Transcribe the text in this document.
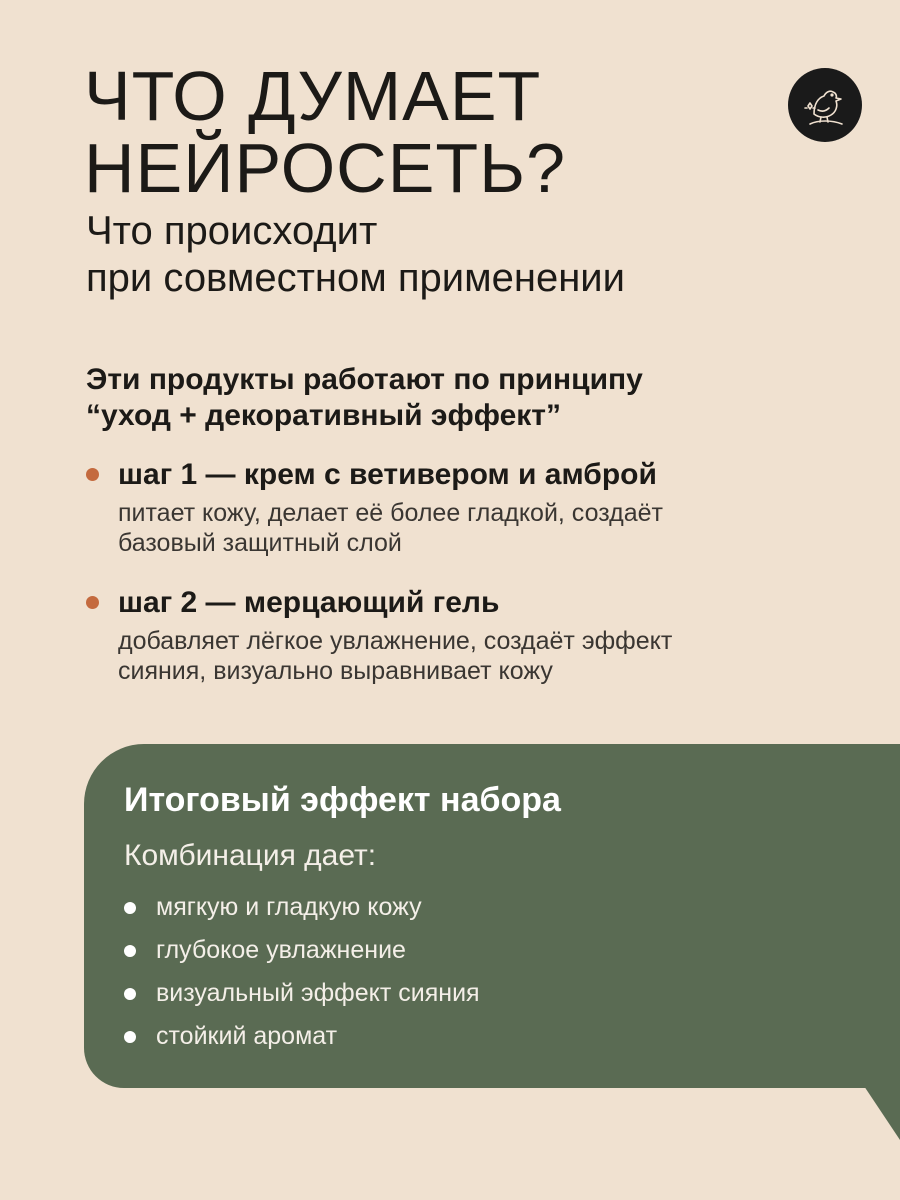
ЧТО ДУМАЕТ
НЕЙРОСЕТЬ?
Что происходит
при совместном применении

Эти продукты работают по принципу
“уход + декоративный эффект”

шаг 1 — крем с ветивером и амброй
питает кожу, делает её более гладкой, создаёт
базовый защитный слой
шаг 2 — мерцающий гель
добавляет лёгкое увлажнение, создаёт эффект
сияния, визуально выравнивает кожу
Итоговый эффект набора

Комбинация дает:

мягкую и гладкую кожу
глубокое увлажнение
визуальный эффект сияния
стойкий аромат
